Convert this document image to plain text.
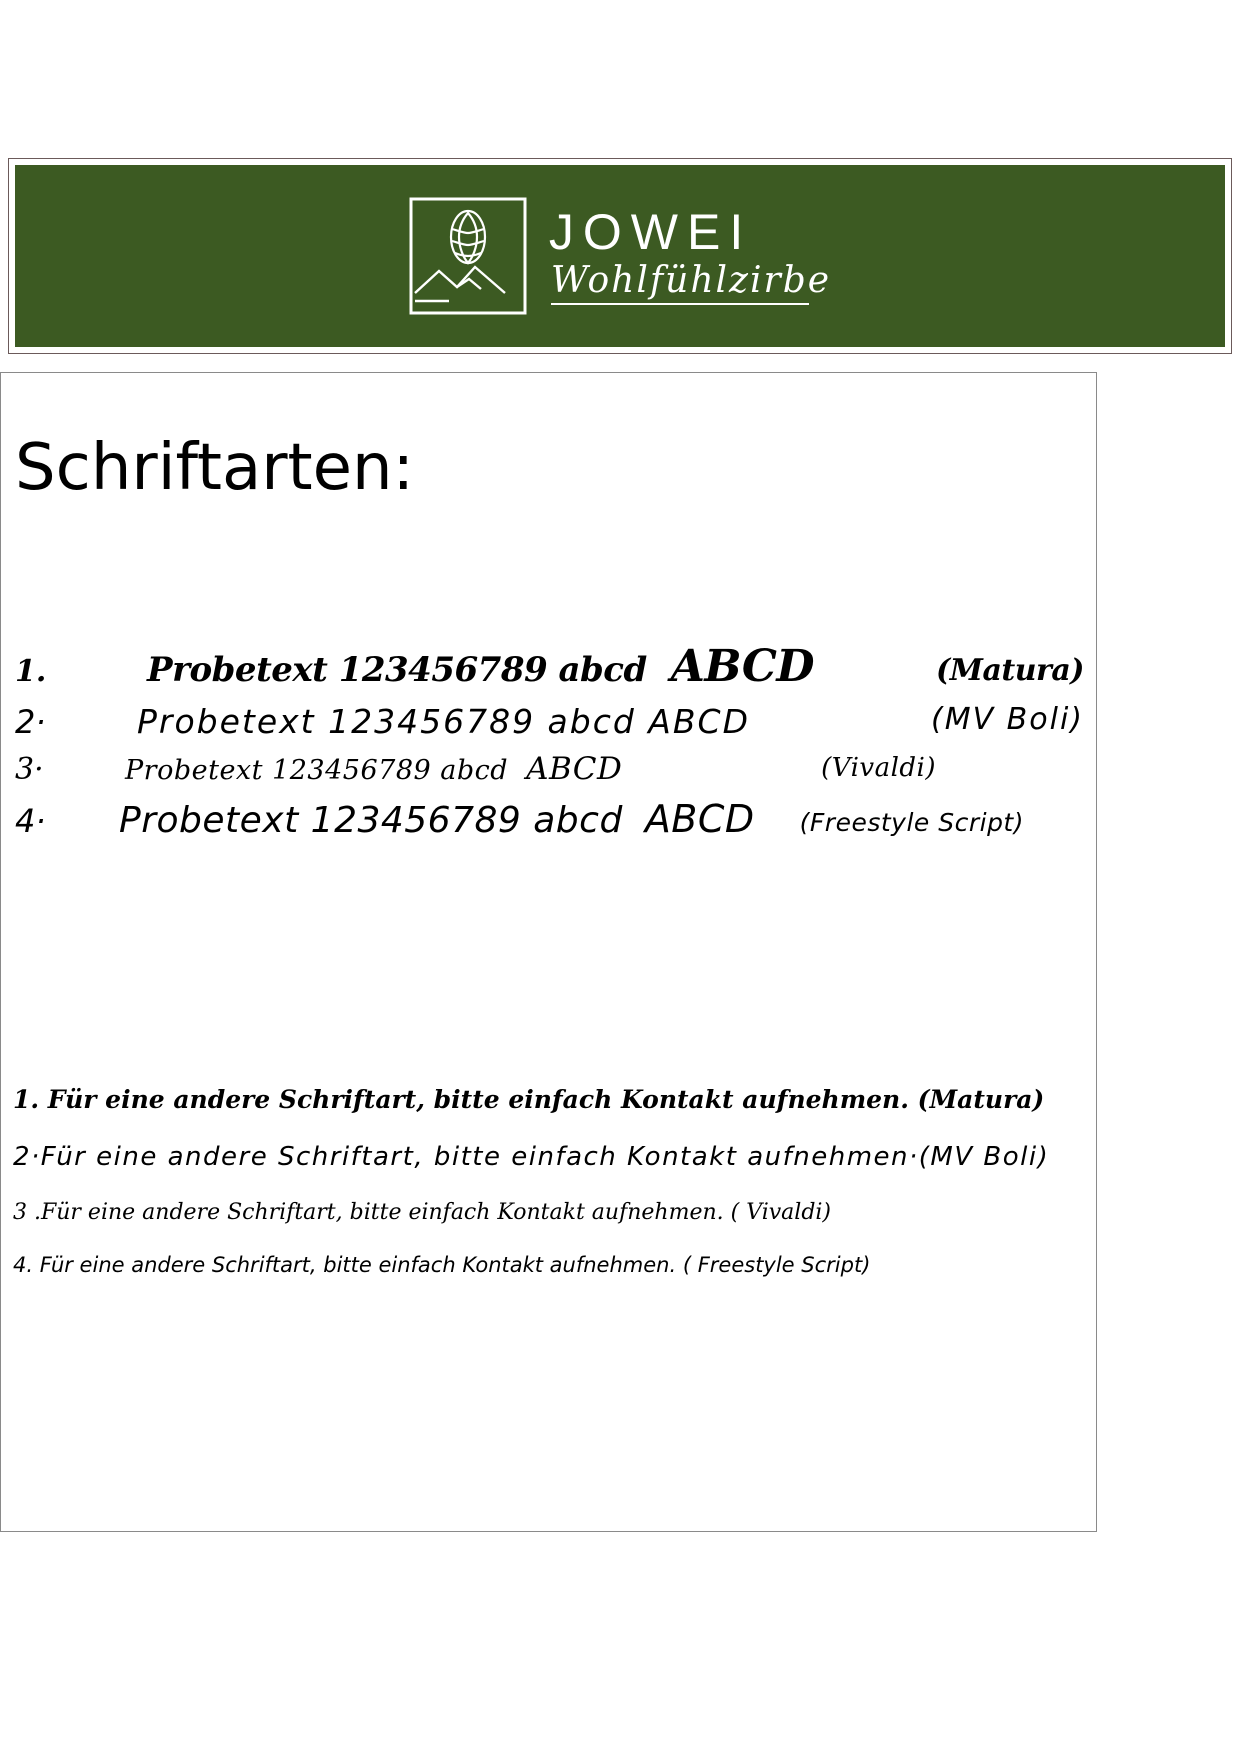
JOWEI
Wohlfühlzirbe
Schriftarten:
1.	Probetext 123456789 abcd ABCD	(Matura)
2·	Probetext 123456789 abcd ABCD	(MV Boli)
3·	Probetext 123456789 abcd ABCD	(Vivaldi)
4·	Probetext 123456789 abcd ABCD (Freestyle Script)
1. Für eine andere Schriftart, bitte einfach Kontakt aufnehmen. (Matura)
2·Für eine andere Schriftart, bitte einfach Kontakt aufnehmen·(MV Boli)
3 .Für eine andere Schriftart, bitte einfach Kontakt aufnehmen. ( Vivaldi)
4. Für eine andere Schriftart, bitte einfach Kontakt aufnehmen. ( Freestyle Script)
